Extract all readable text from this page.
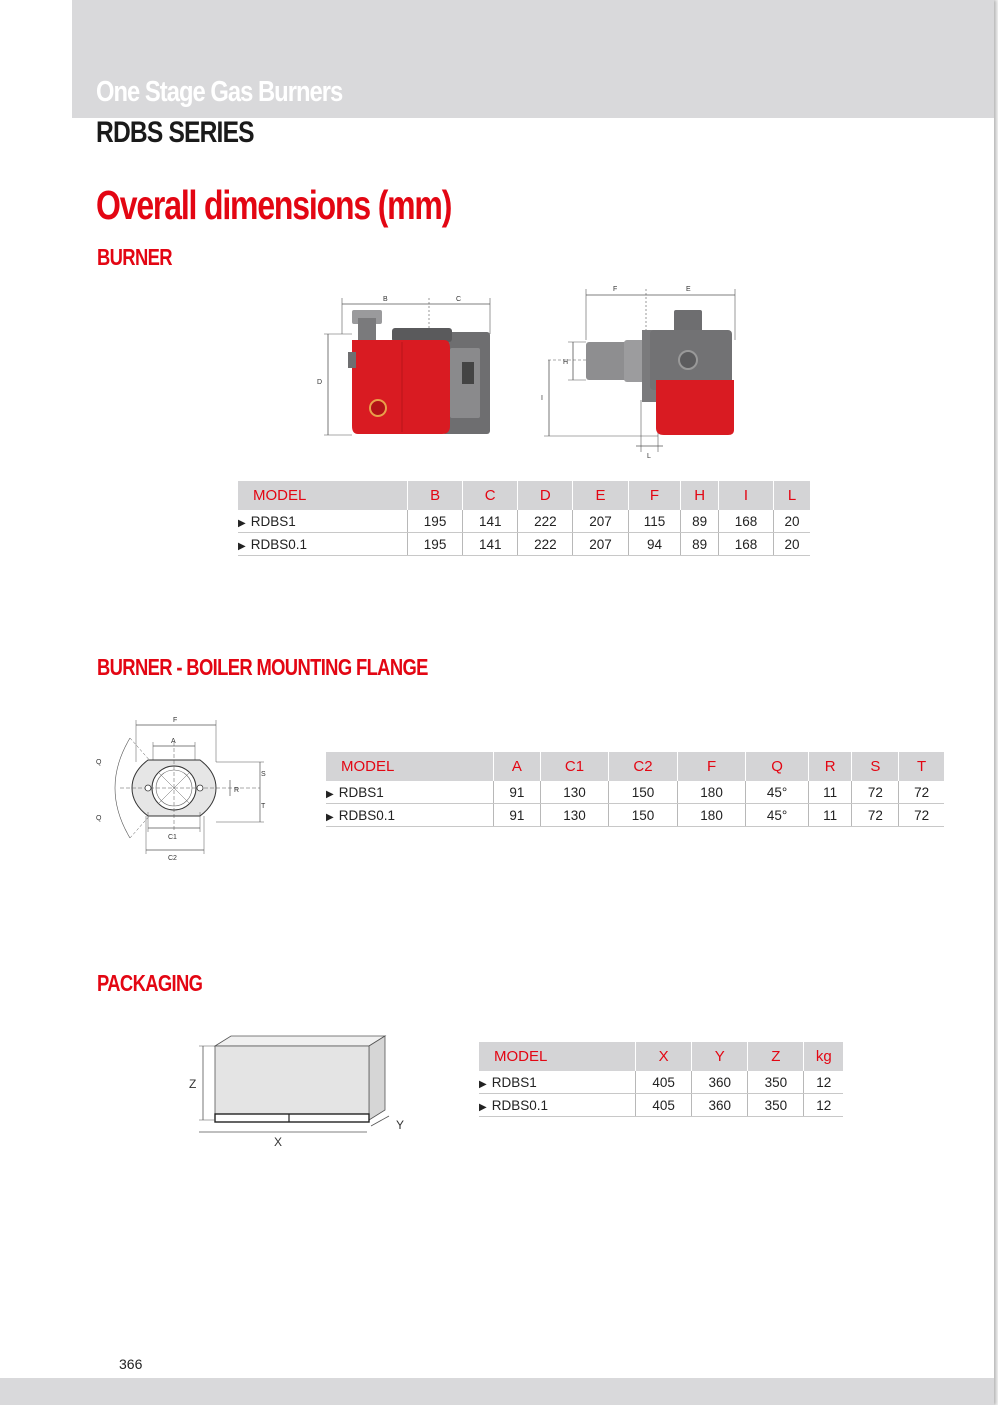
One Stage Gas Burners
RDBS SERIES
Overall dimensions (mm)
BURNER
B	C
D
F	E
H
I
L
MODEL	B	C	D	E	F	H	I	L
▶ RDBS1	195	141	222	207	115	89	168	20
▶ RDBS0.1	195	141	222	207	94	89	168	20
BURNER - BOILER MOUNTING FLANGE
F
A
Q
Q
S
T
R
C1
C2
MODEL	A	C1	C2	F	Q	R	S	T
▶ RDBS1	91	130	150	180	45°	11	72	72
▶ RDBS0.1	91	130	150	180	45°	11	72	72
PACKAGING
Z
X
Y
MODEL	X	Y	Z	kg
▶ RDBS1	405	360	350	12
▶ RDBS0.1	405	360	350	12
366
